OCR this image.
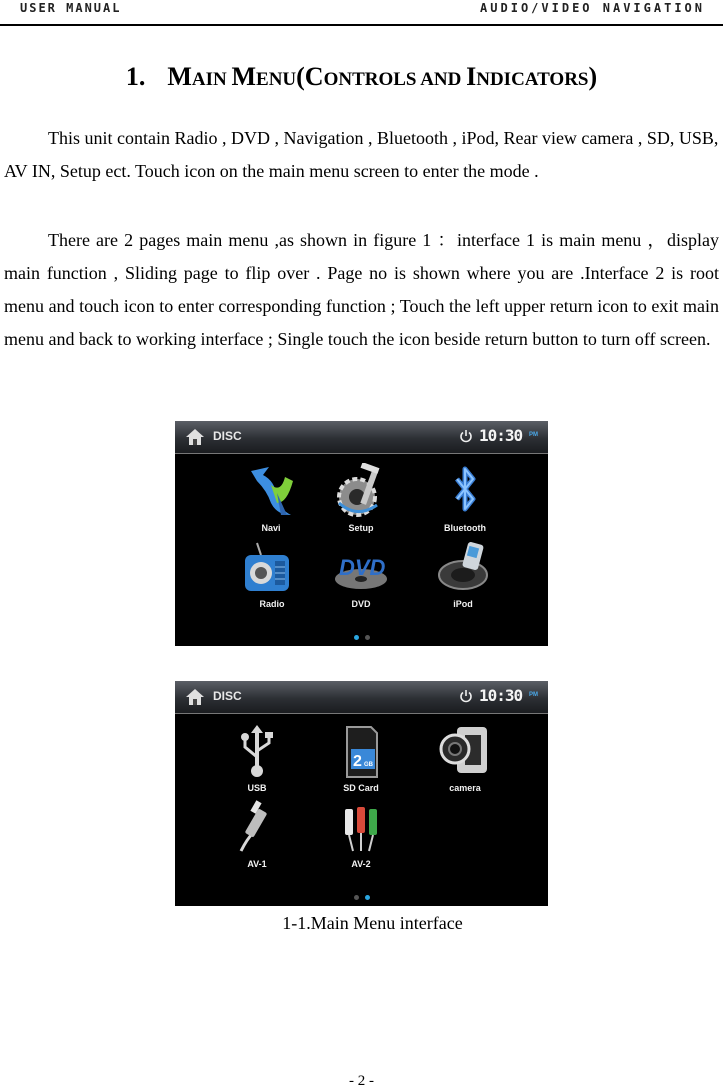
USER MANUAL	AUDIO/VIDEO NAVIGATION
1. MAIN MENU(CONTROLS AND INDICATORS)
This unit contain Radio , DVD , Navigation , Bluetooth , iPod, Rear view camera , SD, USB, AV IN, Setup ect. Touch icon on the main menu screen to enter the mode .
There are 2 pages main menu ,as shown in figure 1 ：interface 1 is main menu ，display main function , Sliding page to flip over . Page no is shown where you are .Interface 2 is root menu and touch icon to enter corresponding function ; Touch the left upper return icon to exit main menu and back to working interface ; Single touch the icon beside return button to turn off screen.
DISC	10:30 PM
Navi	Setup	Bluetooth
Radio
DVD
DVD	iPod
DISC	10:30 PM
USB
2 GB
SD Card	camera
AV-1	AV-2
1-1.Main Menu interface
- 2 -
